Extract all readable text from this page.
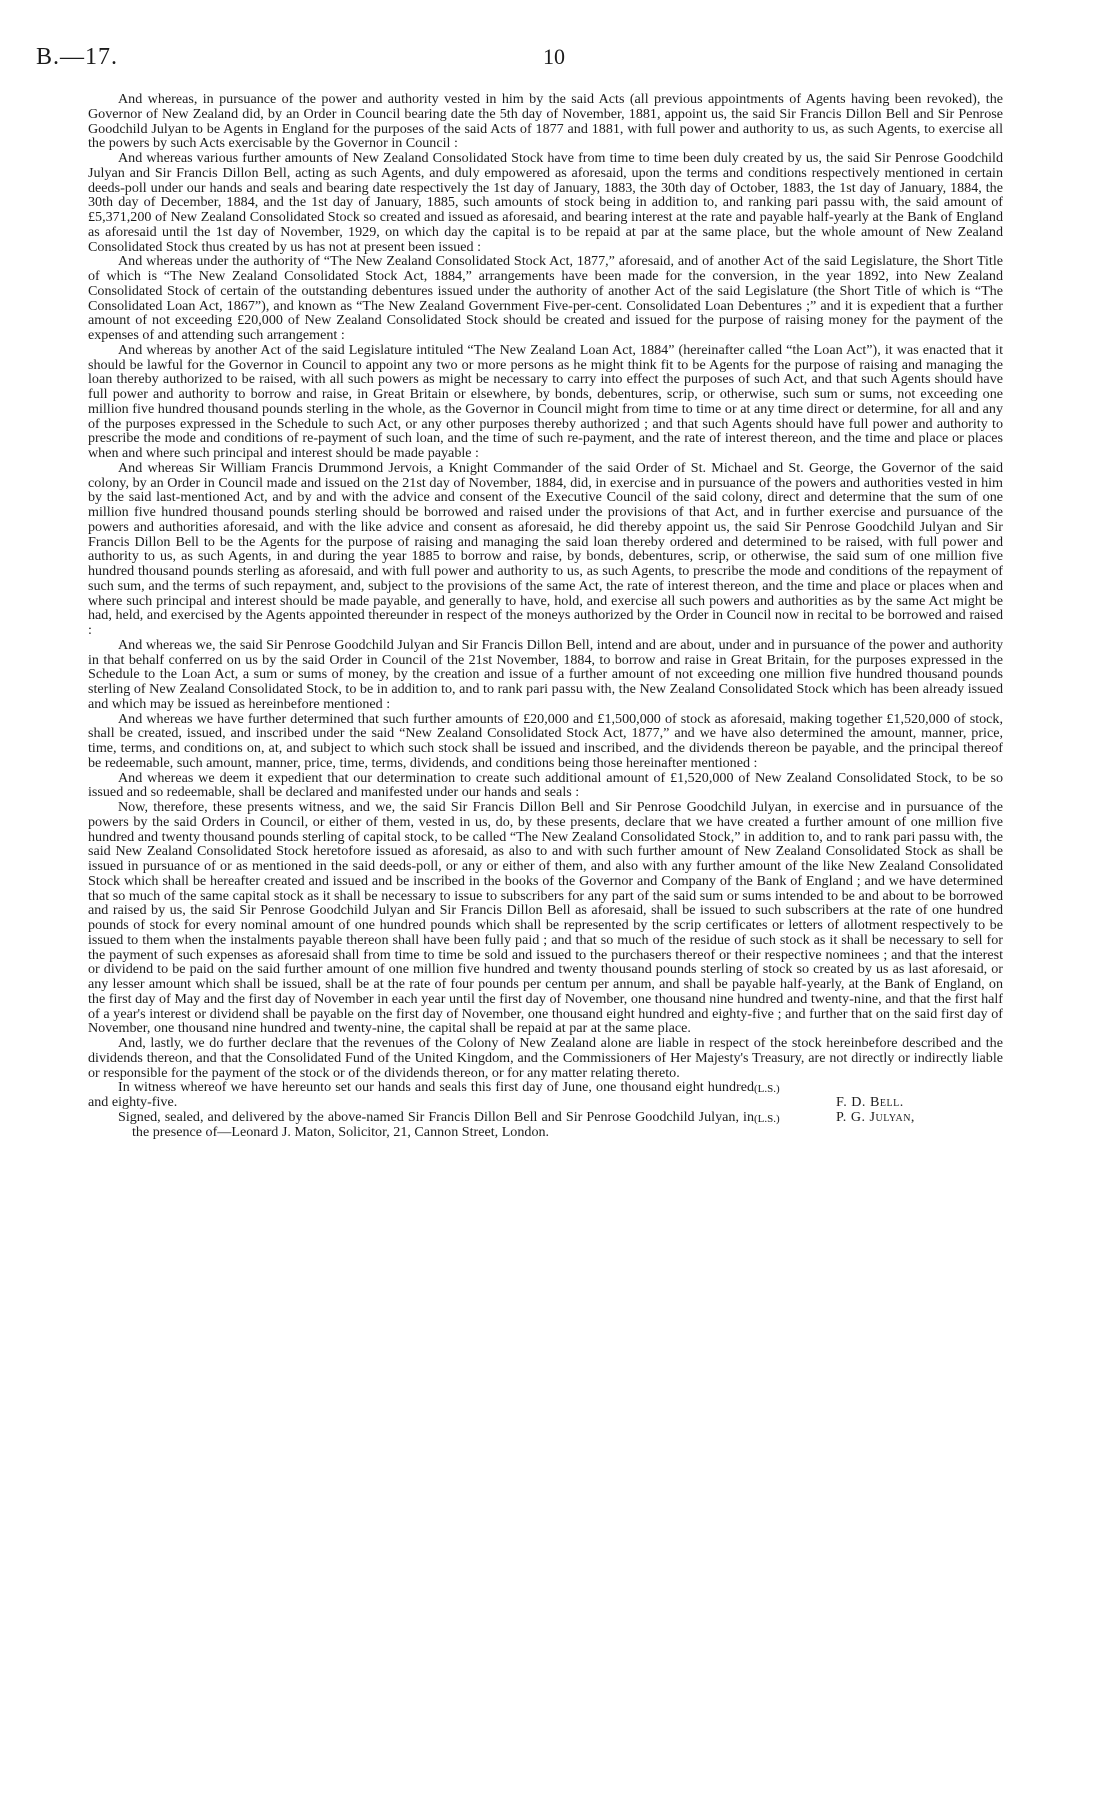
B.—17.	10

And whereas, in pursuance of the power and authority vested in him by the said Acts (all previous appointments of Agents having been revoked), the Governor of New Zealand did, by an Order in Council bearing date the 5th day of November, 1881, appoint us, the said Sir Francis Dillon Bell and Sir Penrose Goodchild Julyan to be Agents in England for the purposes of the said Acts of 1877 and 1881, with full power and authority to us, as such Agents, to exercise all the powers by such Acts exercisable by the Governor in Council :

And whereas various further amounts of New Zealand Consolidated Stock have from time to time been duly created by us, the said Sir Penrose Goodchild Julyan and Sir Francis Dillon Bell, acting as such Agents, and duly empowered as aforesaid, upon the terms and conditions respectively mentioned in certain deeds-poll under our hands and seals and bearing date respectively the 1st day of January, 1883, the 30th day of October, 1883, the 1st day of January, 1884, the 30th day of December, 1884, and the 1st day of January, 1885, such amounts of stock being in addition to, and ranking pari passu with, the said amount of £5,371,200 of New Zealand Consolidated Stock so created and issued as aforesaid, and bearing interest at the rate and payable half-yearly at the Bank of England as aforesaid until the 1st day of November, 1929, on which day the capital is to be repaid at par at the same place, but the whole amount of New Zealand Consolidated Stock thus created by us has not at present been issued :

And whereas under the authority of “The New Zealand Consolidated Stock Act, 1877,” aforesaid, and of another Act of the said Legislature, the Short Title of which is “The New Zealand Consolidated Stock Act, 1884,” arrangements have been made for the conversion, in the year 1892, into New Zealand Consolidated Stock of certain of the outstanding debentures issued under the authority of another Act of the said Legislature (the Short Title of which is “The Consolidated Loan Act, 1867”), and known as “The New Zealand Government Five-per-cent. Consolidated Loan Debentures ;” and it is expedient that a further amount of not exceeding £20,000 of New Zealand Consolidated Stock should be created and issued for the purpose of raising money for the payment of the expenses of and attending such arrangement :

And whereas by another Act of the said Legislature intituled “The New Zealand Loan Act, 1884” (hereinafter called “the Loan Act”), it was enacted that it should be lawful for the Governor in Council to appoint any two or more persons as he might think fit to be Agents for the purpose of raising and managing the loan thereby authorized to be raised, with all such powers as might be necessary to carry into effect the purposes of such Act, and that such Agents should have full power and authority to borrow and raise, in Great Britain or elsewhere, by bonds, debentures, scrip, or otherwise, such sum or sums, not exceeding one million five hundred thousand pounds sterling in the whole, as the Governor in Council might from time to time or at any time direct or determine, for all and any of the purposes expressed in the Schedule to such Act, or any other purposes thereby authorized ; and that such Agents should have full power and authority to prescribe the mode and conditions of re-payment of such loan, and the time of such re-payment, and the rate of interest thereon, and the time and place or places when and where such principal and interest should be made payable :

And whereas Sir William Francis Drummond Jervois, a Knight Commander of the said Order of St. Michael and St. George, the Governor of the said colony, by an Order in Council made and issued on the 21st day of November, 1884, did, in exercise and in pursuance of the powers and authorities vested in him by the said last-mentioned Act, and by and with the advice and consent of the Executive Council of the said colony, direct and determine that the sum of one million five hundred thousand pounds sterling should be borrowed and raised under the provisions of that Act, and in further exercise and pursuance of the powers and authorities aforesaid, and with the like advice and consent as aforesaid, he did thereby appoint us, the said Sir Penrose Goodchild Julyan and Sir Francis Dillon Bell to be the Agents for the purpose of raising and managing the said loan thereby ordered and determined to be raised, with full power and authority to us, as such Agents, in and during the year 1885 to borrow and raise, by bonds, debentures, scrip, or otherwise, the said sum of one million five hundred thousand pounds sterling as aforesaid, and with full power and authority to us, as such Agents, to prescribe the mode and conditions of the repayment of such sum, and the terms of such repayment, and, subject to the provisions of the same Act, the rate of interest thereon, and the time and place or places when and where such principal and interest should be made payable, and generally to have, hold, and exercise all such powers and authorities as by the same Act might be had, held, and exercised by the Agents appointed thereunder in respect of the moneys authorized by the Order in Council now in recital to be borrowed and raised :

And whereas we, the said Sir Penrose Goodchild Julyan and Sir Francis Dillon Bell, intend and are about, under and in pursuance of the power and authority in that behalf conferred on us by the said Order in Council of the 21st November, 1884, to borrow and raise in Great Britain, for the purposes expressed in the Schedule to the Loan Act, a sum or sums of money, by the creation and issue of a further amount of not exceeding one million five hundred thousand pounds sterling of New Zealand Consolidated Stock, to be in addition to, and to rank pari passu with, the New Zealand Consolidated Stock which has been already issued and which may be issued as hereinbefore mentioned :

And whereas we have further determined that such further amounts of £20,000 and £1,500,000 of stock as aforesaid, making together £1,520,000 of stock, shall be created, issued, and inscribed under the said “New Zealand Consolidated Stock Act, 1877,” and we have also determined the amount, manner, price, time, terms, and conditions on, at, and subject to which such stock shall be issued and inscribed, and the dividends thereon be payable, and the principal thereof be redeemable, such amount, manner, price, time, terms, dividends, and conditions being those hereinafter mentioned :

And whereas we deem it expedient that our determination to create such additional amount of £1,520,000 of New Zealand Consolidated Stock, to be so issued and so redeemable, shall be declared and manifested under our hands and seals :

Now, therefore, these presents witness, and we, the said Sir Francis Dillon Bell and Sir Penrose Goodchild Julyan, in exercise and in pursuance of the powers by the said Orders in Council, or either of them, vested in us, do, by these presents, declare that we have created a further amount of one million five hundred and twenty thousand pounds sterling of capital stock, to be called “The New Zealand Consolidated Stock,” in addition to, and to rank pari passu with, the said New Zealand Consolidated Stock heretofore issued as aforesaid, as also to and with such further amount of New Zealand Consolidated Stock as shall be issued in pursuance of or as mentioned in the said deeds-poll, or any or either of them, and also with any further amount of the like New Zealand Consolidated Stock which shall be hereafter created and issued and be inscribed in the books of the Governor and Company of the Bank of England ; and we have determined that so much of the same capital stock as it shall be necessary to issue to subscribers for any part of the said sum or sums intended to be and about to be borrowed and raised by us, the said Sir Penrose Goodchild Julyan and Sir Francis Dillon Bell as aforesaid, shall be issued to such subscribers at the rate of one hundred pounds of stock for every nominal amount of one hundred pounds which shall be represented by the scrip certificates or letters of allotment respectively to be issued to them when the instalments payable thereon shall have been fully paid ; and that so much of the residue of such stock as it shall be necessary to sell for the payment of such expenses as aforesaid shall from time to time be sold and issued to the purchasers thereof or their respective nominees ; and that the interest or dividend to be paid on the said further amount of one million five hundred and twenty thousand pounds sterling of stock so created by us as last aforesaid, or any lesser amount which shall be issued, shall be at the rate of four pounds per centum per annum, and shall be payable half-yearly, at the Bank of England, on the first day of May and the first day of November in each year until the first day of November, one thousand nine hundred and twenty-nine, and that the first half of a year's interest or dividend shall be payable on the first day of November, one thousand eight hundred and eighty-five ; and further that on the said first day of November, one thousand nine hundred and twenty-nine, the capital shall be repaid at par at the same place.

And, lastly, we do further declare that the revenues of the Colony of New Zealand alone are liable in respect of the stock hereinbefore described and the dividends thereon, and that the Consolidated Fund of the United Kingdom, and the Commissioners of Her Majesty's Treasury, are not directly or indirectly liable or responsible for the payment of the stock or of the dividends thereon, or for any matter relating thereto.

In witness whereof we have hereunto set our hands and seals this first day of June, one thousand eight hundred and eighty-five.
(L.S.)
F. D. Bell.
Signed, sealed, and delivered by the above-named Sir Francis Dillon Bell and Sir Penrose Goodchild Julyan, in the presence of—Leonard J. Maton, Solicitor, 21, Cannon Street, London.
(L.S.)	P. G. Julyan,
